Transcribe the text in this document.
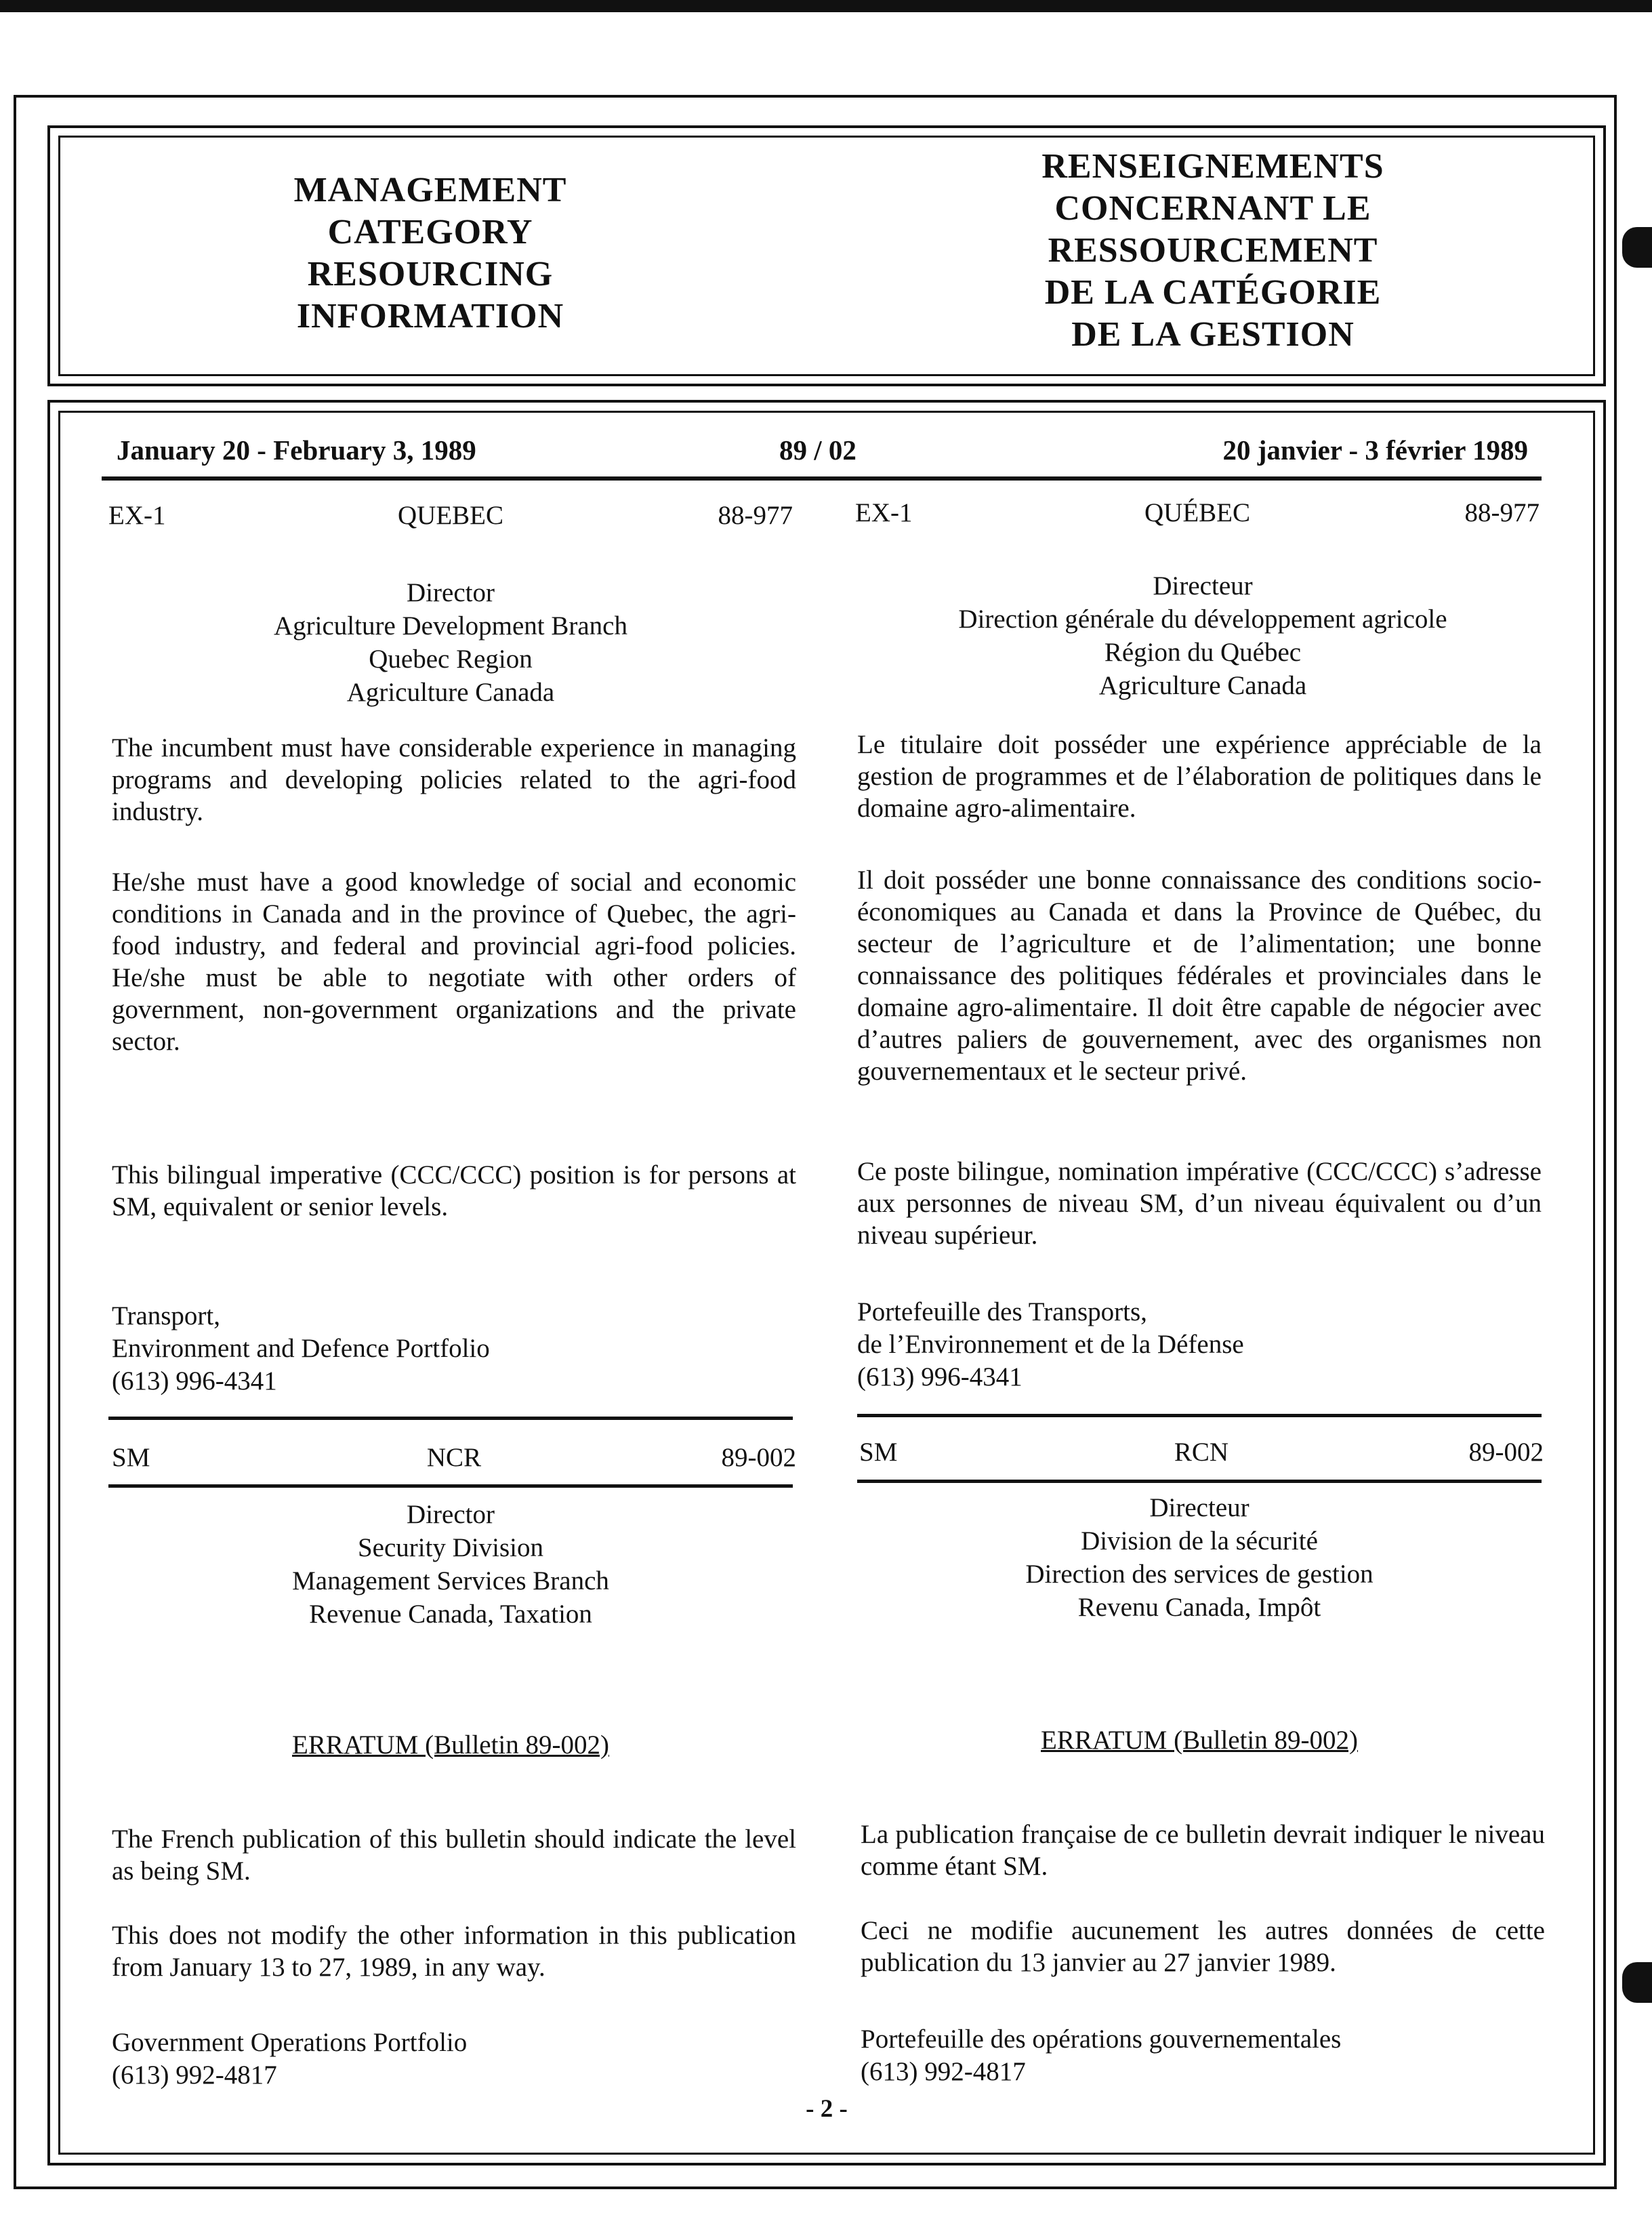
MANAGEMENT
CATEGORY
RESOURCING
INFORMATION
RENSEIGNEMENTS
CONCERNANT LE
RESSOURCEMENT
DE LA CATÉGORIE
DE LA GESTION
January 20 - February 3, 1989	89 / 02	20 janvier - 3 février 1989
EX-1	QUEBEC	88-977
Director
Agriculture Development Branch
Quebec Region
Agriculture Canada
The incumbent must have considerable experience in managing programs and developing policies related to the agri-food industry.
He/she must have a good knowledge of social and economic conditions in Canada and in the province of Quebec, the agri-food industry, and federal and provincial agri-food policies. He/she must be able to negotiate with other orders of government, non-government organizations and the private sector.
This bilingual imperative (CCC/CCC) position is for persons at SM, equivalent or senior levels.
Transport,
Environment and Defence Portfolio
(613) 996-4341
SM	NCR	89-002
Director
Security Division
Management Services Branch
Revenue Canada, Taxation
ERRATUM (Bulletin 89-002)
The French publication of this bulletin should indicate the level as being SM.
This does not modify the other information in this publication from January 13 to 27, 1989, in any way.
Government Operations Portfolio
(613) 992-4817
EX-1	QUÉBEC	88-977
Directeur
Direction générale du développement agricole
Région du Québec
Agriculture Canada
Le titulaire doit posséder une expérience appréciable de la gestion de programmes et de l’élaboration de politiques dans le domaine agro-alimentaire.
Il doit posséder une bonne connaissance des conditions socio-économiques au Canada et dans la Province de Québec, du secteur de l’agriculture et de l’alimentation; une bonne connaissance des politiques fédérales et provinciales dans le domaine agro-alimentaire. Il doit être capable de négocier avec d’autres paliers de gouvernement, avec des organismes non gouvernementaux et le secteur privé.
Ce poste bilingue, nomination impérative (CCC/CCC) s’adresse aux personnes de niveau SM, d’un niveau équivalent ou d’un niveau supérieur.
Portefeuille des Transports,
de l’Environnement et de la Défense
(613) 996-4341
SM	RCN	89-002
Directeur
Division de la sécurité
Direction des services de gestion
Revenu Canada, Impôt
ERRATUM (Bulletin 89-002)
La publication française de ce bulletin devrait indiquer le niveau comme étant SM.
Ceci ne modifie aucunement les autres données de cette publication du 13 janvier au 27 janvier 1989.
Portefeuille des opérations gouvernementales
(613) 992-4817
- 2 -
